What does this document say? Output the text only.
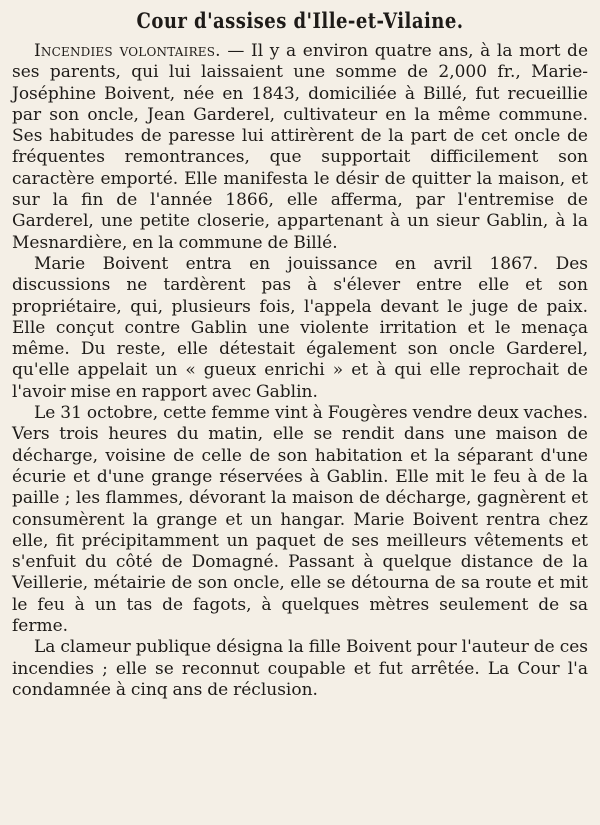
Cour d'assises d'Ille-et-Vilaine.

Incendies volontaires. — Il y a environ quatre ans, à la mort de ses parents, qui lui laissaient une somme de 2,000 fr., Marie-Joséphine Boivent, née en 1843, domiciliée à Billé, fut recueillie par son oncle, Jean Garderel, cultivateur en la même commune. Ses habitudes de paresse lui attirèrent de la part de cet oncle de fréquentes remontrances, que supportait difficilement son caractère emporté. Elle manifesta le désir de quitter la maison, et sur la fin de l'année 1866, elle afferma, par l'entremise de Garderel, une petite closerie, appartenant à un sieur Gablin, à la Mesnardière, en la commune de Billé.

Marie Boivent entra en jouissance en avril 1867. Des discussions ne tardèrent pas à s'élever entre elle et son propriétaire, qui, plusieurs fois, l'appela devant le juge de paix. Elle conçut contre Gablin une violente irritation et le menaça même. Du reste, elle détestait également son oncle Garderel, qu'elle appelait un « gueux enrichi » et à qui elle reprochait de l'avoir mise en rapport avec Gablin.

Le 31 octobre, cette femme vint à Fougères vendre deux vaches. Vers trois heures du matin, elle se rendit dans une maison de décharge, voisine de celle de son habitation et la séparant d'une écurie et d'une grange réservées à Gablin. Elle mit le feu à de la paille ; les flammes, dévorant la maison de décharge, gagnèrent et consumèrent la grange et un hangar. Marie Boivent rentra chez elle, fit précipitamment un paquet de ses meilleurs vêtements et s'enfuit du côté de Domagné. Passant à quelque distance de la Veillerie, métairie de son oncle, elle se détourna de sa route et mit le feu à un tas de fagots, à quelques mètres seulement de sa ferme.

La clameur publique désigna la fille Boivent pour l'auteur de ces incendies ; elle se reconnut coupable et fut arrêtée. La Cour l'a condamnée à cinq ans de réclusion.
